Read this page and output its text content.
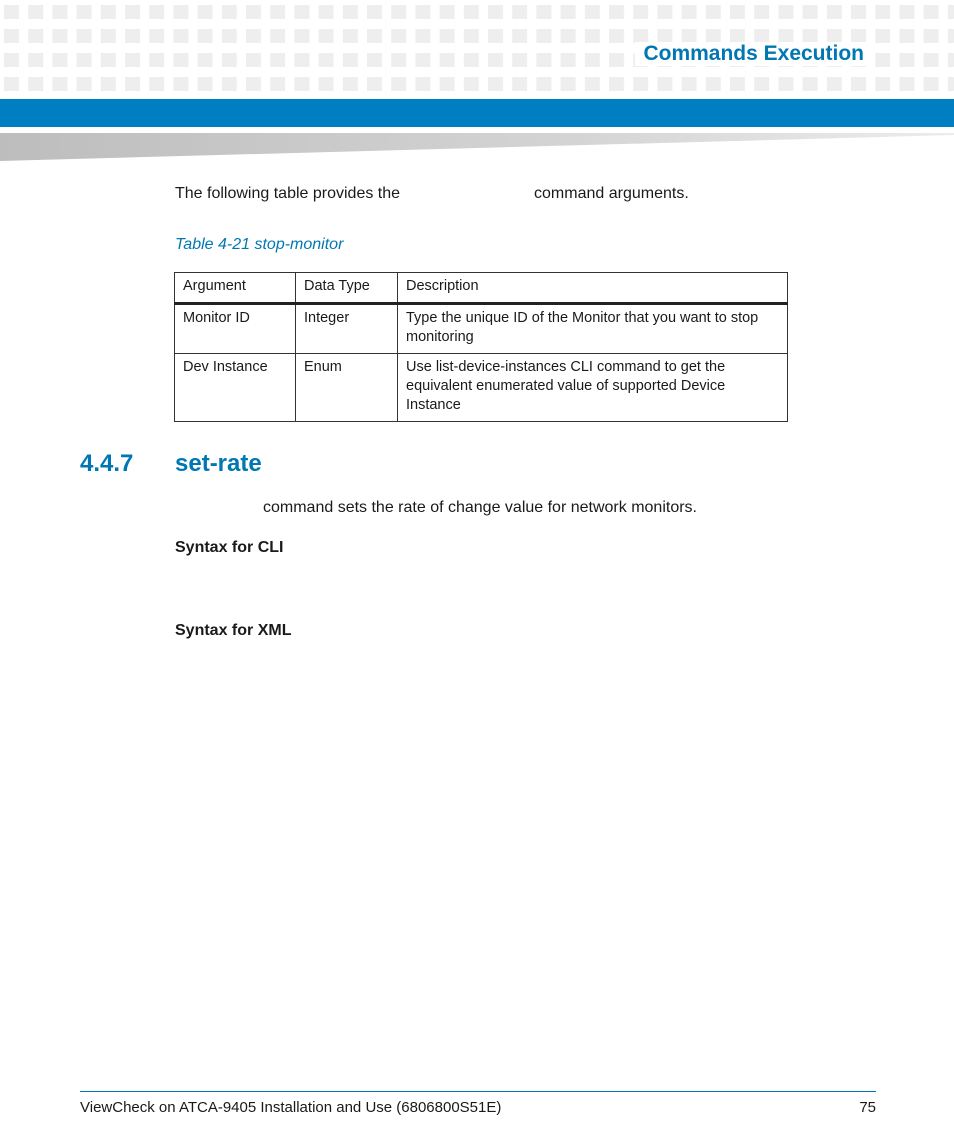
Commands Execution
The following table provides the	command arguments.
Table 4-21 stop-monitor
Argument	Data Type	Description
Monitor ID	Integer	Type the unique ID of the Monitor that you want to stop monitoring
Dev Instance	Enum	Use list-device-instances CLI command to get the equivalent enumerated value of supported Device Instance
4.4.7 set-rate
command sets the rate of change value for network monitors.
Syntax for CLI
Syntax for XML
ViewCheck on ATCA-9405 Installation and Use (6806800S51E)	75
